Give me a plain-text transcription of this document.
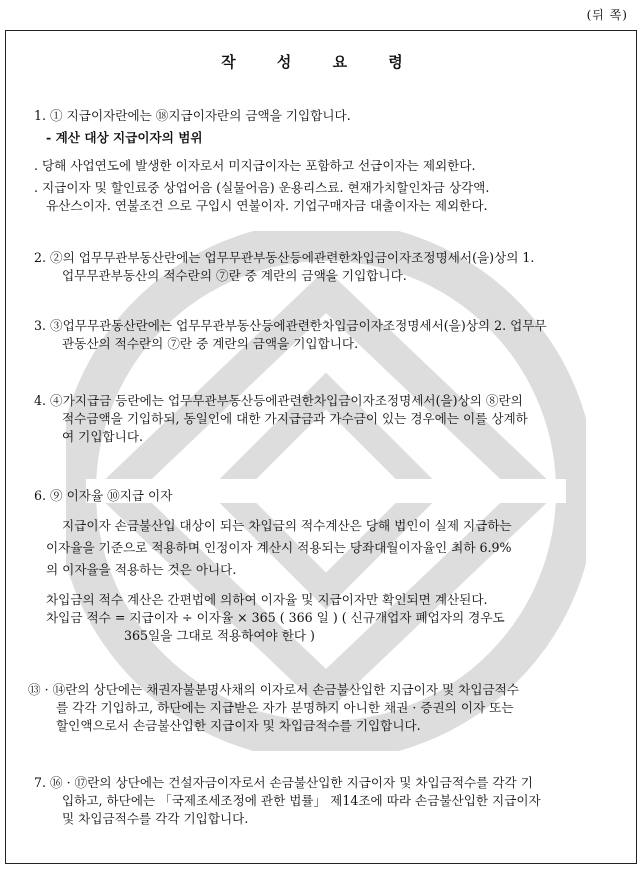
(뒤 쪽)
작 성 요 령
1. ① 지급이자란에는 ⑱지급이자란의 금액을 기입합니다.
- 계산 대상 지급이자의 범위
. 당해 사업연도에 발생한 이자로서 미지급이자는 포함하고 선급이자는 제외한다.
. 지급이자 및 할인료중 상업어음 (실물어음) 운용리스료. 현재가치할인차금 상각액.
유산스이자. 연불조건 으로 구입시 연불이자. 기업구매자금 대출이자는 제외한다.
2. ②의 업무무관부동산란에는 업무무관부동산등에관련한차입금이자조정명세서(을)상의 1.
업무무관부동산의 적수란의 ⑦란 중 계란의 금액을 기입합니다.
3. ③업무무관동산란에는 업무무관부동산등에관련한차입금이자조정명세서(을)상의 2. 업무무
관동산의 적수란의 ⑦란 중 계란의 금액을 기입합니다.
4. ④가지급금 등란에는 업무무관부동산등에관련한차입금이자조정명세서(을)상의 ⑧란의
적수금액을 기입하되, 동일인에 대한 가지급금과 가수금이 있는 경우에는 이를 상계하
여 기입합니다.
6. ⑨ 이자율 ⑩지급 이자
지급이자 손금불산입 대상이 되는 차입금의 적수계산은 당해 법인이 실제 지급하는
이자율을 기준으로 적용하며 인정이자 계산시 적용되는 당좌대월이자율인 최하 6.9%
의 이자율을 적용하는 것은 아니다.
차입금의 적수 계산은 간편법에 의하여 이자율 및 지급이자만 확인되면 계산된다.
차입금 적수 = 지급이자 ÷ 이자율 × 365 ( 366 일 ) ( 신규개업자 폐업자의 경우도
365일을 그대로 적용하여야 한다 )
⑬ · ⑭란의 상단에는 채권자불분명사채의 이자로서 손금불산입한 지급이자 및 차입금적수
를 각각 기입하고, 하단에는 지급받은 자가 분명하지 아니한 채권 · 증권의 이자 또는
할인액으로서 손금불산입한 지급이자 및 차입금적수를 기입합니다.
7. ⑯ · ⑰란의 상단에는 건설자금이자로서 손금불산입한 지급이자 및 차입금적수를 각각 기
입하고, 하단에는 「국제조세조정에 관한 법률」 제14조에 따라 손금불산입한 지급이자
및 차입금적수를 각각 기입합니다.
